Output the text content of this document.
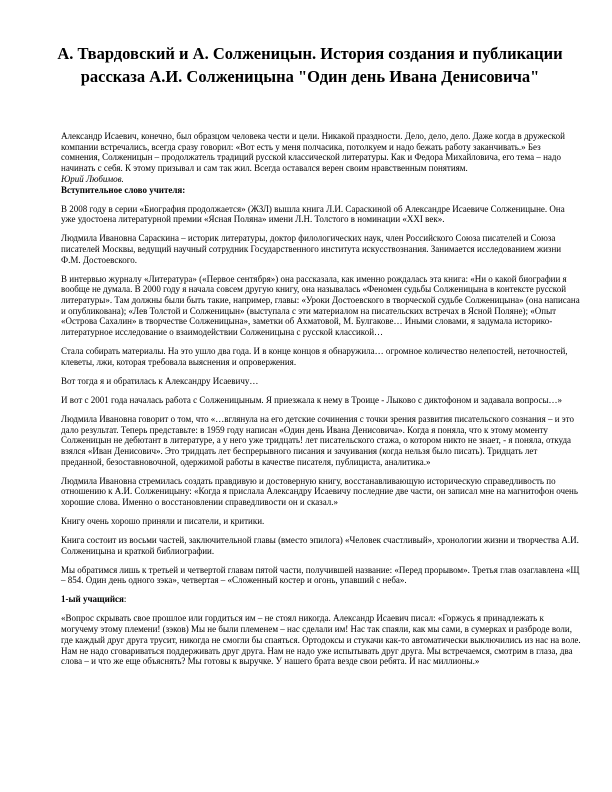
А. Твардовский и А. Солженицын. История создания и публикации рассказа А.И. Солженицына "Один день Ивана Денисовича"

Александр Исаевич, конечно, был образцом человека чести и цели. Никакой праздности. Дело, дело, дело. Даже когда в дружеской компании встречались, всегда сразу говорил: «Вот есть у меня полчасика, потолкуем и надо бежать работу заканчивать.» Без сомнения, Солженицын – продолжатель традиций русской классической литературы. Как и Федора Михайловича, его тема – надо начинать с себя. К этому призывал и сам так жил. Всегда оставался верен своим нравственным понятиям.

Юрий Любимов.

Вступительное слово учителя:

В 2008 году в серии «Биография продолжается» (ЖЗЛ) вышла книга Л.И. Сараскиной об Александре Исаевиче Солженицыне. Она уже удостоена литературной премии «Ясная Поляна» имени Л.Н. Толстого в номинации «XXI век».

Людмила Ивановна Сараскина – историк литературы, доктор филологических наук, член Российского Союза писателей и Союза писателей Москвы, ведущий научный сотрудник Государственного института искусствознания. Занимается исследованием жизни Ф.М. Достоевского.

В интервью журналу «Литература» («Первое сентября») она рассказала, как именно рождалась эта книга: «Ни о какой биографии я вообще не думала. В 2000 году я начала совсем другую книгу, она называлась «Феномен судьбы Солженицына в контексте русской литературы». Там должны были быть такие, например, главы: «Уроки Достоевского в творческой судьбе Солженицына» (она написана и опубликована); «Лев Толстой и Солженицын» (выступала с эти материалом на писательских встречах в Ясной Поляне); «Опыт «Острова Сахалин» в творчестве Солженицына», заметки об Ахматовой, М. Булгакове… Иными словами, я задумала историко-литературное исследование о взаимодействии Солженицына с русской классикой…

Стала собирать материалы. На это ушло два года. И в конце концов я обнаружила… огромное количество нелепостей, неточностей, клеветы, лжи, которая требовала выяснения и опровержения.

Вот тогда я и обратилась к Александру Исаевичу…

И вот с 2001 года началась работа с Солженицыным. Я приезжала к нему в Троице - Лыково с диктофоном и задавала вопросы…»

Людмила Ивановна говорит о том, что «…вглянула на его детские сочинения с точки зрения развития писательского сознания – и это дало результат. Теперь представьте: в 1959 году написан «Один день Ивана Денисовича». Когда я поняла, что к этому моменту Солженицын не дебютант в литературе, а у него уже тридцать! лет писательского стажа, о котором никто не знает, - я поняла, откуда взялся «Иван Денисович». Это тридцать лет беспрерывного писания и зачуивания (когда нельзя было писать). Тридцать лет преданной, безоставновочной, одержимой работы в качестве писателя, публициста, аналитика.»

Людмила Ивановна стремилась создать правдивую и достоверную книгу, восстанавливающую историческую справедливость по отношению к А.И. Солженицыну: «Когда я прислала Александру Исаевичу последние две части, он записал мне на магнитофон очень хорошие слова. Именно о восстановлении справедливости он и сказал.»

Книгу очень хорошо приняли и писатели, и критики.

Книга состоит из восьми частей, заключительной главы (вместо эпилога) «Человек счастливый», хронологии жизни и творчества А.И. Солженицына и краткой библиографии.

Мы обратимся лишь к третьей и четвертой главам пятой части, получившей название: «Перед прорывом». Третья глав озаглавлена «Щ – 854. Один день одного зэка», четвертая – «Сложенный костер и огонь, упавший с неба».

1-ый учащийся:

«Вопрос скрывать свое прошлое или гордиться им – не стоял никогда. Александр Исаевич писал: «Горжусь я принадлежать к могучему этому племени! (зэков) Мы не были племенем – нас сделали им! Нас так спаяли, как мы сами, в сумерках и разброде воли, где каждый друг друга трусит, никогда не смогли бы спаяться. Ортодоксы и стукачи как-то автоматически выключились из нас на воле. Нам не надо сговариваться поддерживать друг друга. Нам не надо уже испытывать друг друга. Мы встречаемся, смотрим в глаза, два слова – и что же еще объяснять? Мы готовы к выручке. У нашего брата везде свои ребята. И нас миллионы.»
